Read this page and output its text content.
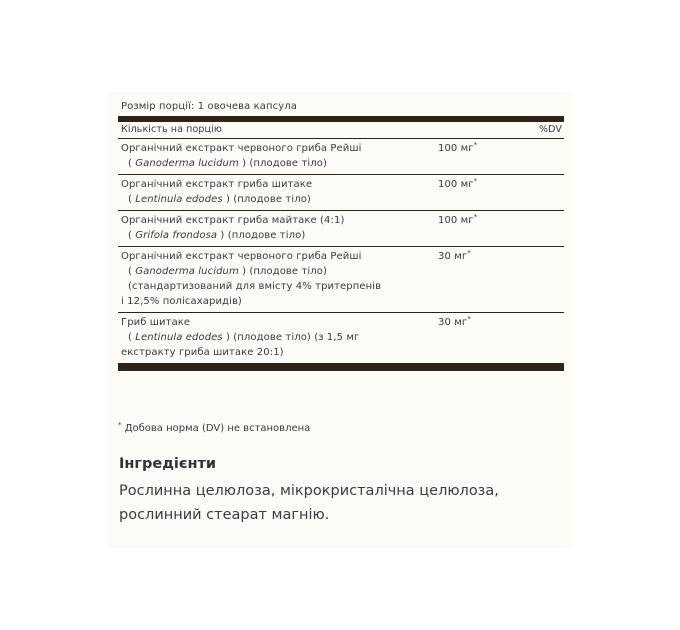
Розмір порції: 1 овочева капсула
Кількість на порцію	%DV
Органічний екстракт червоного гриба Рейші
( Ganoderma lucidum ) (плодове тіло)
100 мг*
Органічний екстракт гриба шитаке
( Lentinula edodes ) (плодове тіло)
100 мг*
Органічний екстракт гриба майтаке (4:1)
( Grifola frondosa ) (плодове тіло)
100 мг*
Органічний екстракт червоного гриба Рейші
( Ganoderma lucidum ) (плодове тіло)
(стандартизований для вмісту 4% тритерпенів
і 12,5% полісахаридів)
30 мг*
Гриб шитаке
( Lentinula edodes ) (плодове тіло) (з 1,5 мг
екстракту гриба шитаке 20:1)
30 мг*
* Добова норма (DV) не встановлена
Інгредієнти
Рослинна целюлоза, мікрокристалічна целюлоза, рослинний стеарат магнію.
